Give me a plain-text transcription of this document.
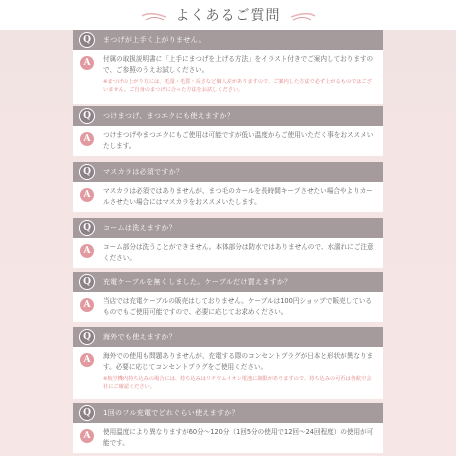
よくあるご質問
Q	まつげが上手く上がりません。
A	付属の取扱説明書に「上手にまつげを上げる方法」をイラスト付きでご案内しておりますので、ご参照のうえお試しください。
※まつげの上がり方には、毛量・毛質・長さなど個人差がありますので、ご案内した方法で必ず上がるものではございません。ご自身のまつげに合った方法をお試しください。
Q	つけまつげ、まつエクにも使えますか？
A	つけまつげやまつエクにもご使用は可能ですが低い温度からご使用いただく事をおススメいたします。
Q	マスカラは必須ですか？
A	マスカラは必須ではありませんが、まつ毛のカールを長時間キープさせたい場合やよりカールさせたい場合にはマスカラをおススメいたします。
Q	コームは洗えますか？
A	コーム部分は洗うことができません。本体部分は防水ではありませんので、水濡れにご注意ください。
Q	充電ケーブルを無くしました。ケーブルだけ買えますか？
A	当店では充電ケーブルの販売はしておりません。ケーブルは100円ショップで販売しているものでもご使用可能ですので、必要に応じてお求めください。
Q	海外でも使えますか？
A	海外での使用も問題ありませんが、充電する際のコンセントプラグが日本と形状が異なります。必要に応じてコンセントプラグをご使用ください。
※航空機内持ち込みの場合には、持ち込みはリチウムイオン電池に制限がありますので、持ち込みの可否は各航空会社にご確認ください。
Q	1回のフル充電でどれぐらい使えますか？
A	使用温度により異なりますが60分～120分（1回5分の使用で12回～24回程度）の使用が可能です。
